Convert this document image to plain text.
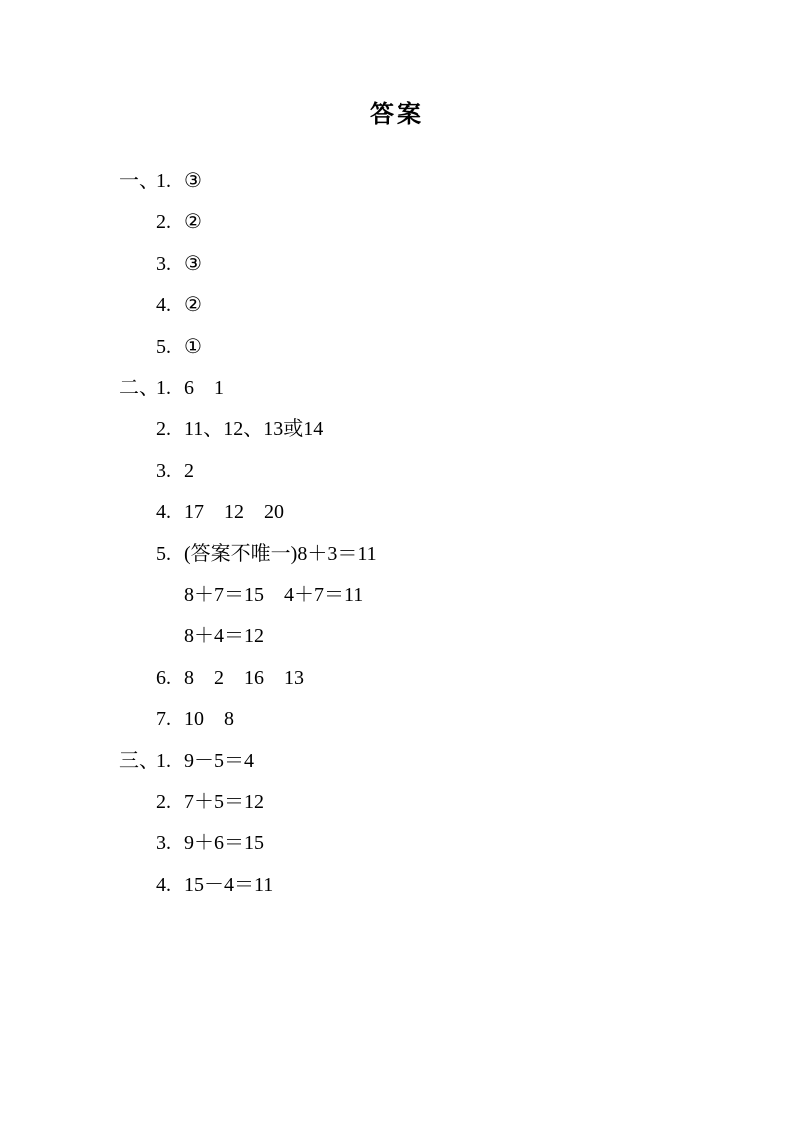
答案
一、
1. ③
2. ②
3. ③
4. ②
5. ①
二、
1. 6　1
2. 11、12、13或14
3. 2
4. 17　12　20
5. (答案不唯一)8＋3＝11
8＋7＝15　4＋7＝11
8＋4＝12
6. 8　2　16　13
7. 10　8
三、
1. 9－5＝4
2. 7＋5＝12
3. 9＋6＝15
4. 15－4＝11
